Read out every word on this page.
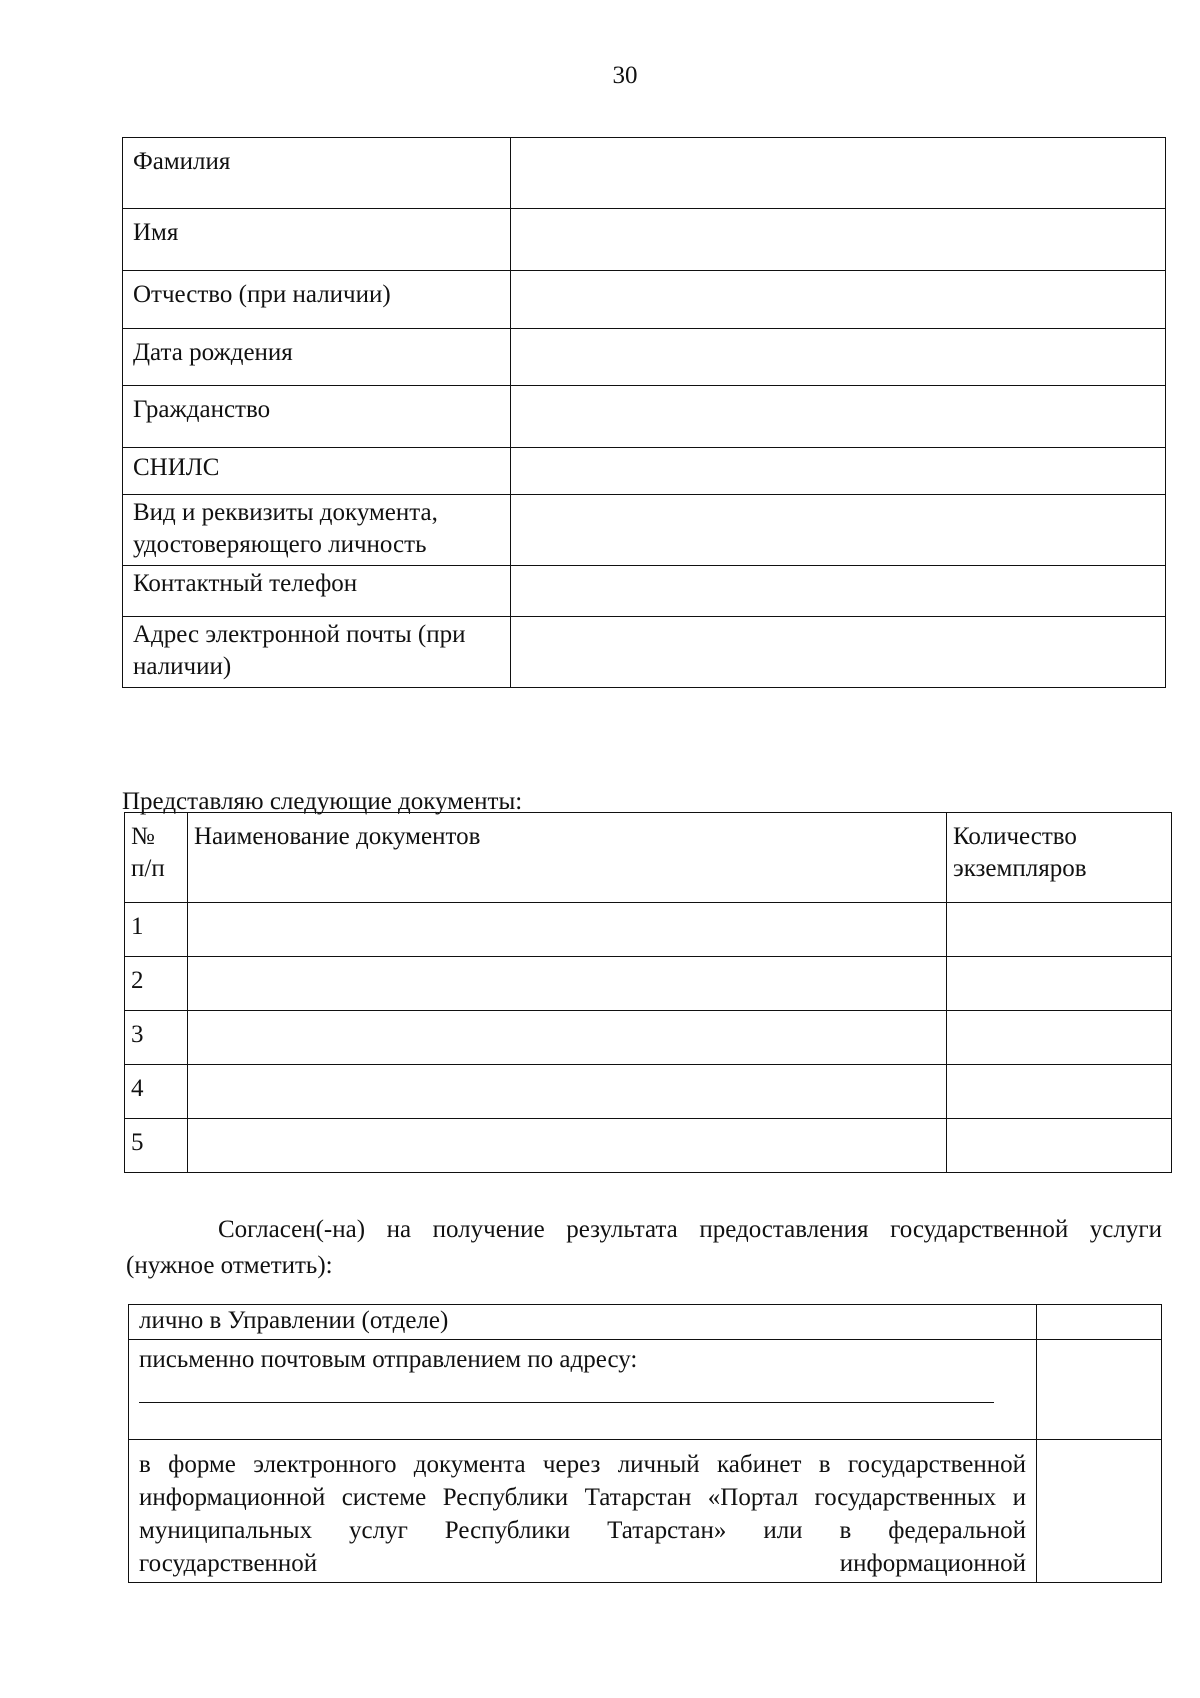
30
Фамилия	
Имя	
Отчество (при наличии)	
Дата рождения	
Гражданство	
СНИЛС	
Вид и реквизиты документа, удостоверяющего личность	
Контактный телефон	
Адрес электронной почты (при наличии)	
Представляю следующие документы:
№ п/п	Наименование документов	Количество экземпляров
1		
2		
3		
4		
5		
Согласен(-на) на получение результата предоставления государственной услуги (нужное отметить):
лично в Управлении (отделе)	

письменно почтовым отправлением по адресу:	

в форме электронного документа через личный кабинет в государственной информационной системе Республики Татарстан «Портал государственных и муниципальных услуг Республики Татарстан» или в федеральной государственной информационной	
